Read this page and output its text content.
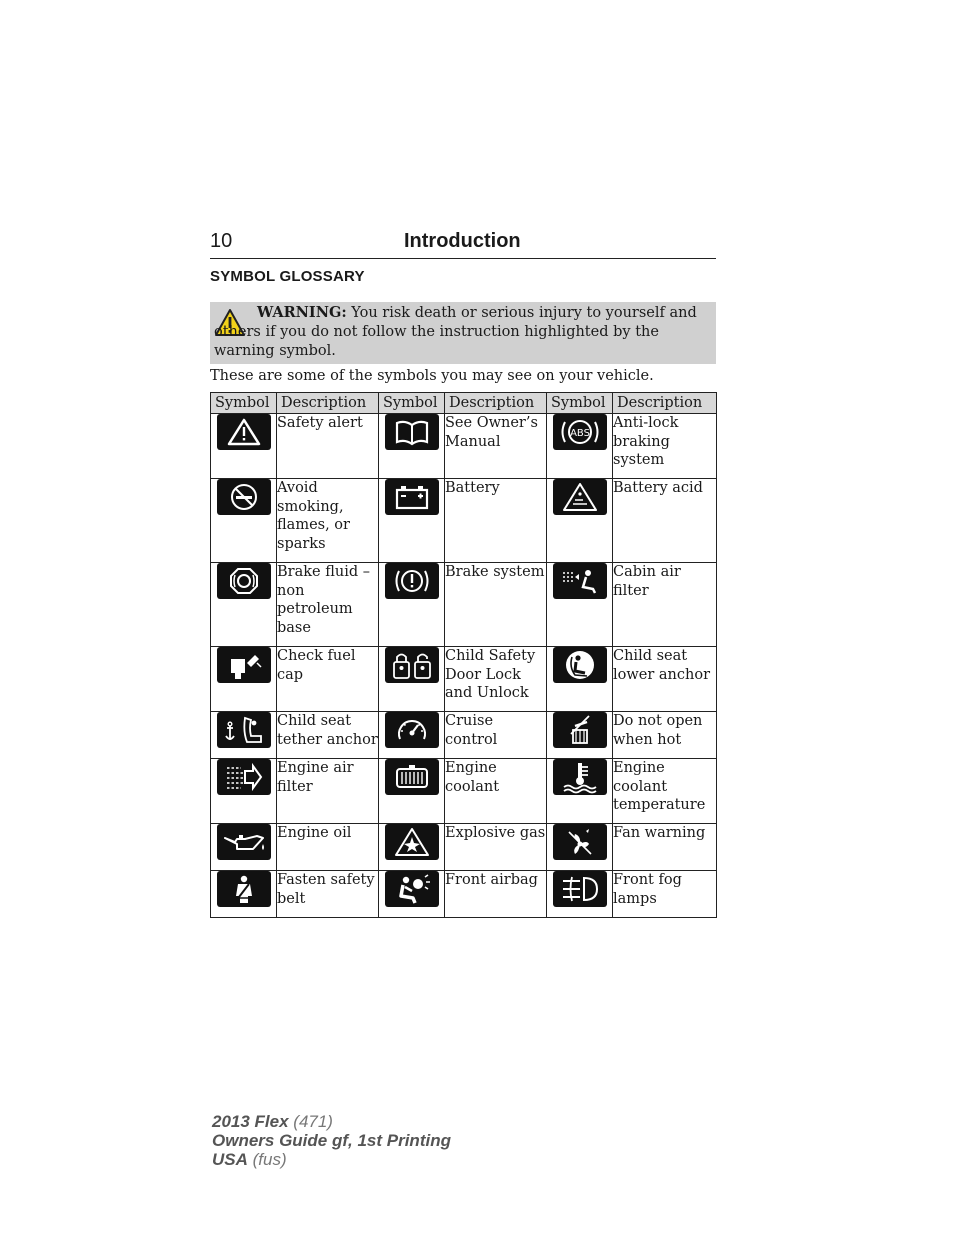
10	Introduction
SYMBOL GLOSSARY
WARNING: You risk death or serious injury to yourself and others if you do not follow the instruction highlighted by the warning symbol.
These are some of the symbols you may see on your vehicle.
Symbol	Description	Symbol	Description	Symbol	Description

	Safety alert		See Owner’s Manual	ABS	Anti-lock braking system

	Avoid smoking, flames, or sparks		Battery		Battery acid

	Brake fluid – non petroleum base		Brake system		Cabin air filter

	Check fuel cap		Child Safety Door Lock and Unlock		Child seat lower anchor

	Child seat tether anchor		Cruise control		Do not open when hot

	Engine air filter		Engine coolant		Engine coolant temperature

	Engine oil		Explosive gas		Fan warning

	Fasten safety belt		Front airbag		Front fog lamps
2013 Flex (471)
Owners Guide gf, 1st Printing
USA (fus)
